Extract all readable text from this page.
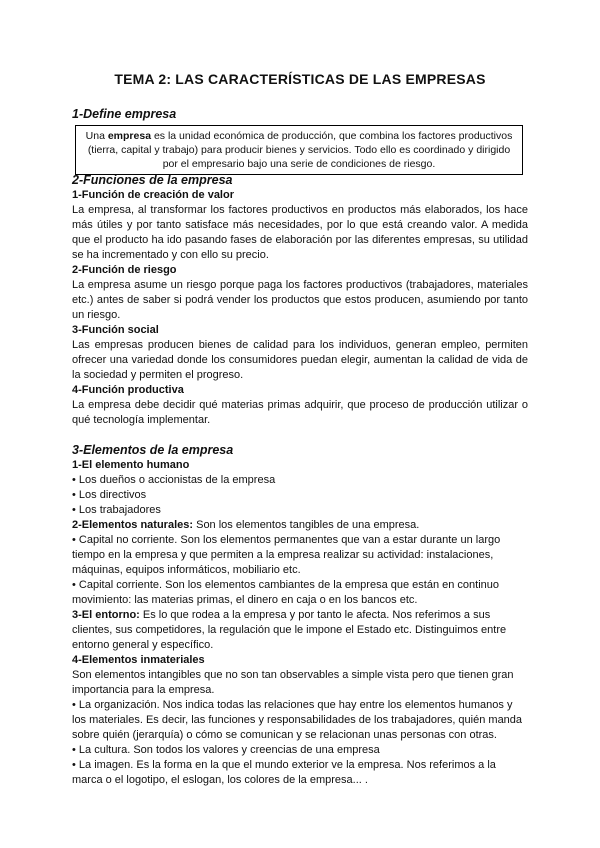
TEMA 2: LAS CARACTERÍSTICAS DE LAS EMPRESAS
1-Define empresa
Una empresa es la unidad económica de producción, que combina los factores productivos (tierra, capital y trabajo) para producir bienes y servicios. Todo ello es coordinado y dirigido por el empresario bajo una serie de condiciones de riesgo.
2-Funciones de la empresa
1-Función de creación de valor

La empresa, al transformar los factores productivos en productos más elaborados, los hace más útiles y por tanto satisface más necesidades, por lo que está creando valor. A medida que el producto ha ido pasando fases de elaboración por las diferentes empresas, su utilidad se ha incrementado y con ello su precio.

2-Función de riesgo

La empresa asume un riesgo porque paga los factores productivos (trabajadores, materiales etc.) antes de saber si podrá vender los productos que estos producen, asumiendo por tanto un riesgo.

3-Función social

Las empresas producen bienes de calidad para los individuos, generan empleo, permiten ofrecer una variedad donde los consumidores puedan elegir, aumentan la calidad de vida de la sociedad y permiten el progreso.

4-Función productiva

La empresa debe decidir qué materias primas adquirir, que proceso de producción utilizar o qué tecnología implementar.

3-Elementos de la empresa
1-El elemento humano

• Los dueños o accionistas de la empresa

• Los directivos

• Los trabajadores

2-Elementos naturales: Son los elementos tangibles de una empresa.

• Capital no corriente. Son los elementos permanentes que van a estar durante un largo tiempo en la empresa y que permiten a la empresa realizar su actividad: instalaciones, máquinas, equipos informáticos, mobiliario etc.

• Capital corriente. Son los elementos cambiantes de la empresa que están en continuo movimiento: las materias primas, el dinero en caja o en los bancos etc.

3-El entorno: Es lo que rodea a la empresa y por tanto le afecta. Nos referimos a sus clientes, sus competidores, la regulación que le impone el Estado etc. Distinguimos entre entorno general y específico.

4-Elementos inmateriales

Son elementos intangibles que no son tan observables a simple vista pero que tienen gran importancia para la empresa.

• La organización. Nos indica todas las relaciones que hay entre los elementos humanos y los materiales. Es decir, las funciones y responsabilidades de los trabajadores, quién manda sobre quién (jerarquía) o cómo se comunican y se relacionan unas personas con otras.

• La cultura. Son todos los valores y creencias de una empresa

• La imagen. Es la forma en la que el mundo exterior ve la empresa. Nos referimos a la marca o el logotipo, el eslogan, los colores de la empresa... .
